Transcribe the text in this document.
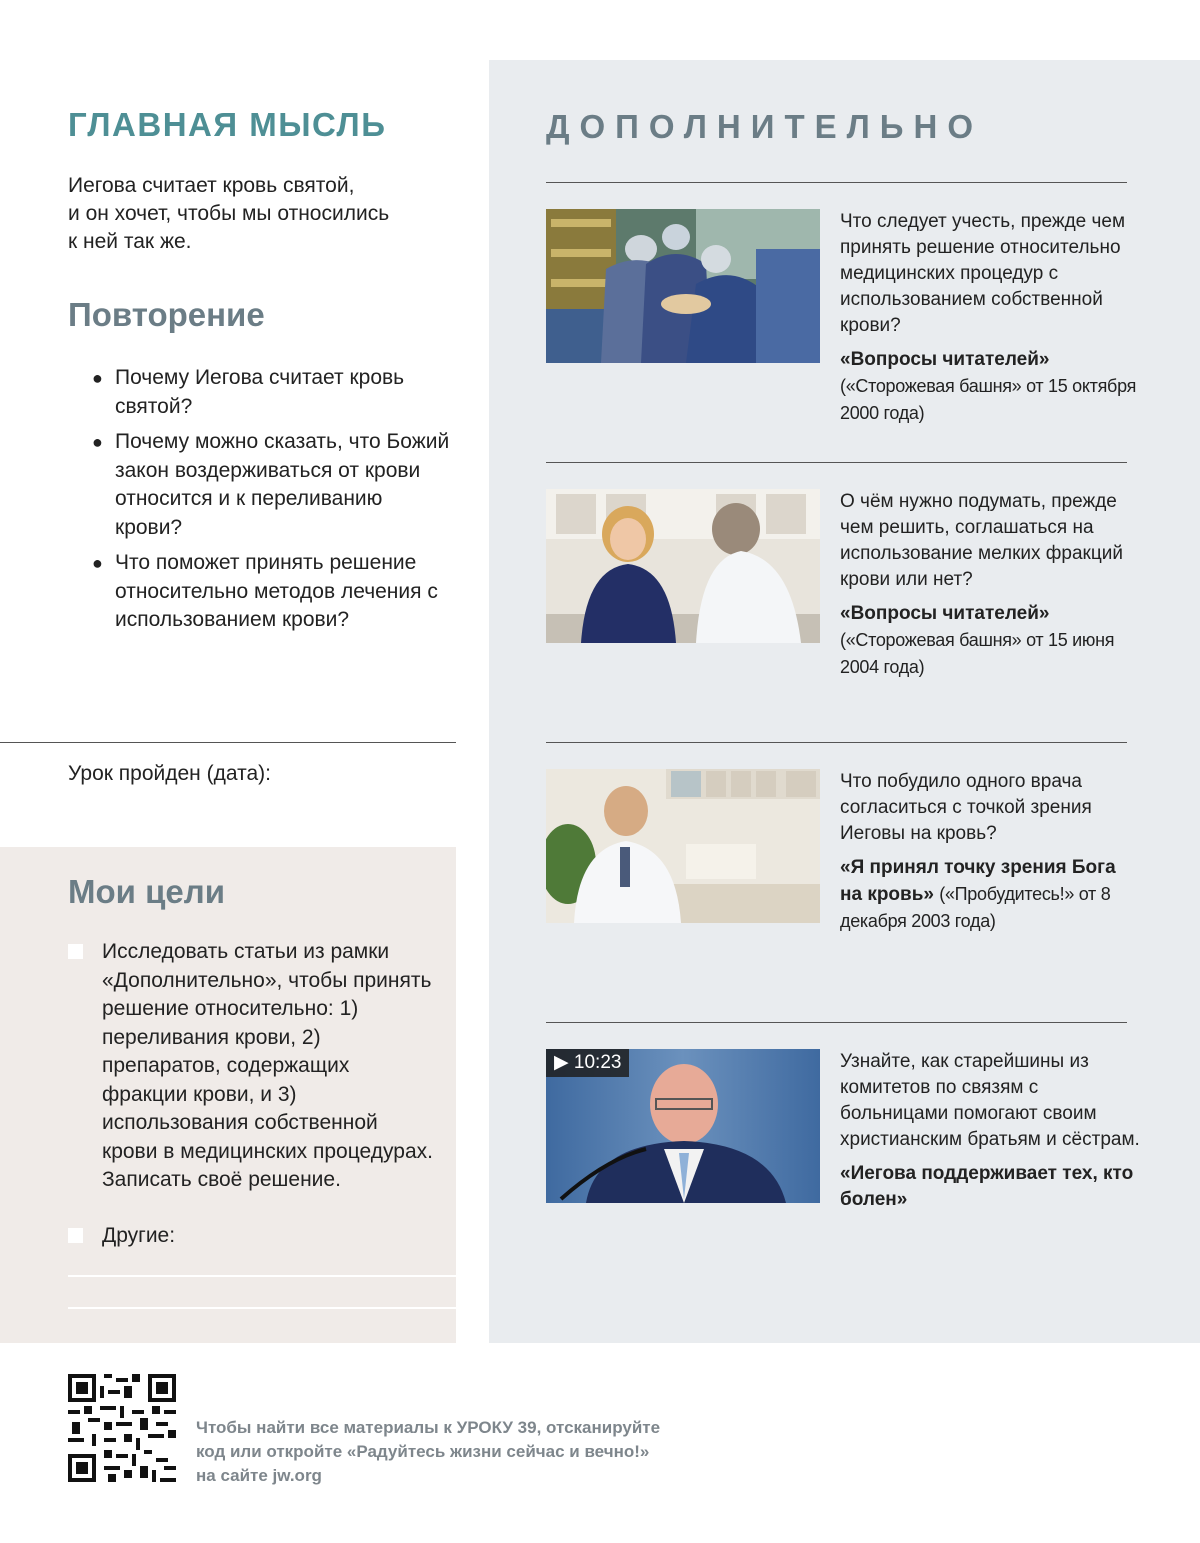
ГЛАВНАЯ МЫСЛЬ

Иегова считает кровь святой,
и он хочет, чтобы мы относились
к ней так же.

Повторение
● Почему Иегова считает кровь святой?
● Почему можно сказать, что Божий закон воздерживаться от крови относится и к переливанию крови?
● Что поможет принять решение относительно методов лечения с использованием крови?
Урок пройден (дата):
Мои цели
Исследовать статьи из рамки «Дополнительно», чтобы принять решение относительно: 1) переливания крови, 2) препаратов, содержащих фракции крови, и 3) использования собственной крови в медицинских процедурах. Записать своё решение.
Другие:
ДОПОЛНИТЕЛЬНО

Что следует учесть, прежде чем принять решение относительно медицинских процедур с использованием собственной крови?

«Вопросы читателей»
(«Сторожевая башня» от 15 октября 2000 года)

О чём нужно подумать, прежде чем решить, соглашаться на использование мелких фракций крови или нет?

«Вопросы читателей»
(«Сторожевая башня» от 15 июня 2004 года)

Что побудило одного врача согласиться с точкой зрения Иеговы на кровь?

«Я принял точку зрения Бога на кровь» («Пробудитесь!» от 8 декабря 2003 года)

▶ 10:23	Узнайте, как старейшины из комитетов по связям с больницами помогают своим христианским братьям и сёстрам.

«Иегова поддерживает тех, кто болен»

Чтобы найти все материалы к УРОКУ 39, отсканируйте
код или откройте «Радуйтесь жизни сейчас и вечно!»
на сайте jw.org
